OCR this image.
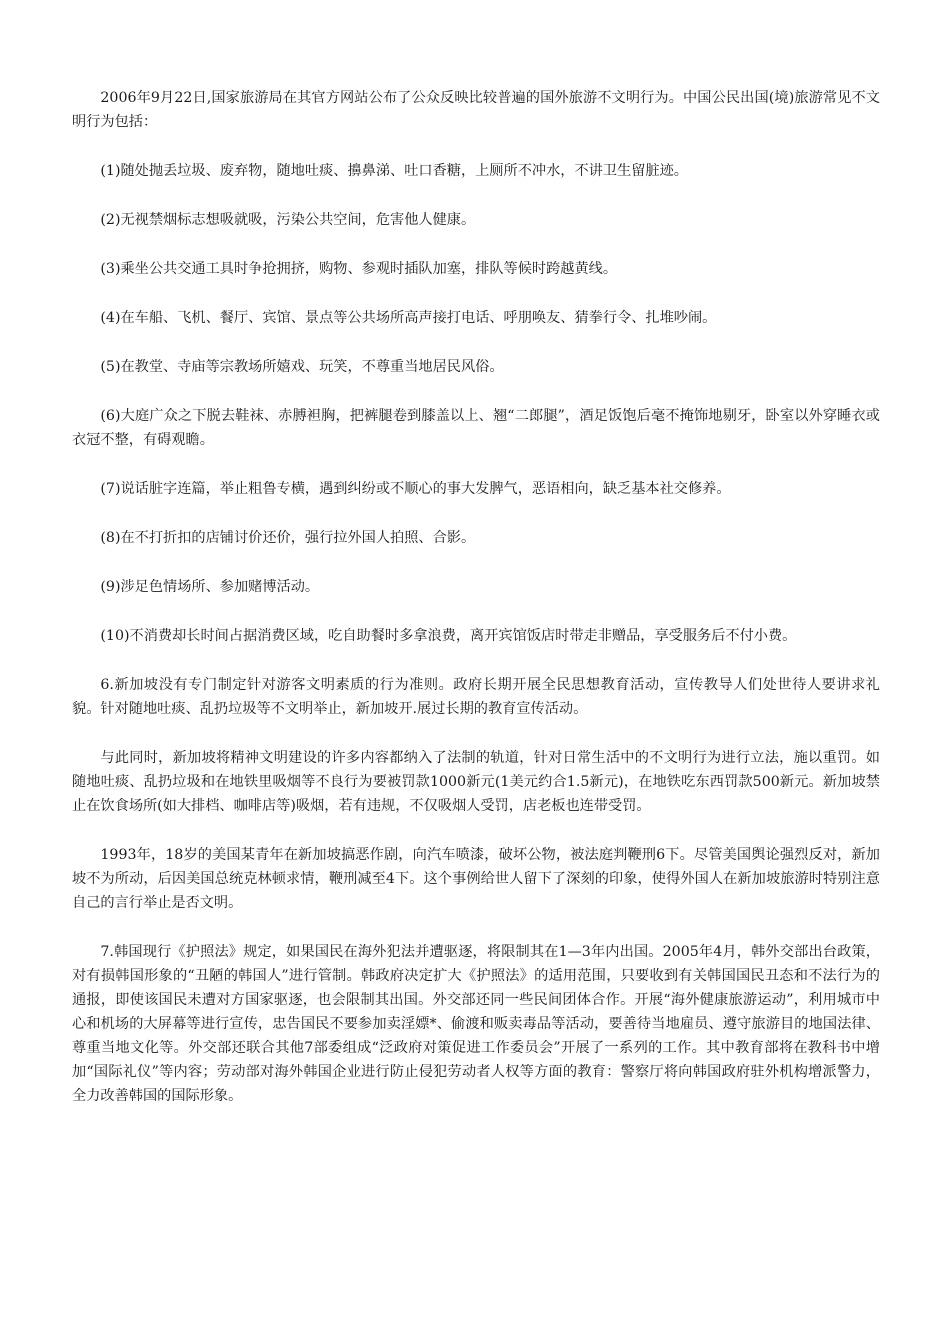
2006年9月22日,国家旅游局在其官方网站公布了公众反映比较普遍的国外旅游不文明行为。中国公民出国(境)旅游常见不文明行为包括：

(1)随处抛丢垃圾、废弃物，随地吐痰、擤鼻涕、吐口香糖，上厕所不冲水，不讲卫生留脏迹。

(2)无视禁烟标志想吸就吸，污染公共空间，危害他人健康。

(3)乘坐公共交通工具时争抢拥挤，购物、参观时插队加塞，排队等候时跨越黄线。

(4)在车船、飞机、餐厅、宾馆、景点等公共场所高声接打电话、呼朋唤友、猜拳行令、扎堆吵闹。

(5)在教堂、寺庙等宗教场所嬉戏、玩笑，不尊重当地居民风俗。

(6)大庭广众之下脱去鞋袜、赤膊袒胸，把裤腿卷到膝盖以上、翘“二郎腿”，酒足饭饱后毫不掩饰地剔牙，卧室以外穿睡衣或衣冠不整，有碍观瞻。

(7)说话脏字连篇，举止粗鲁专横，遇到纠纷或不顺心的事大发脾气，恶语相向，缺乏基本社交修养。

(8)在不打折扣的店铺讨价还价，强行拉外国人拍照、合影。

(9)涉足色情场所、参加赌博活动。

(10)不消费却长时间占据消费区域，吃自助餐时多拿浪费，离开宾馆饭店时带走非赠品，享受服务后不付小费。

6.新加坡没有专门制定针对游客文明素质的行为准则。政府长期开展全民思想教育活动，宣传教导人们处世待人要讲求礼貌。针对随地吐痰、乱扔垃圾等不文明举止，新加坡开.展过长期的教育宣传活动。

与此同时，新加坡将精神文明建设的许多内容都纳入了法制的轨道，针对日常生活中的不文明行为进行立法，施以重罚。如随地吐痰、乱扔垃圾和在地铁里吸烟等不良行为要被罚款1000新元(1美元约合1.5新元)，在地铁吃东西罚款500新元。新加坡禁止在饮食场所(如大排档、咖啡店等)吸烟，若有违规，不仅吸烟人受罚，店老板也连带受罚。

1993年，18岁的美国某青年在新加坡搞恶作剧，向汽车喷漆，破坏公物，被法庭判鞭刑6下。尽管美国舆论强烈反对，新加坡不为所动，后因美国总统克林顿求情，鞭刑减至4下。这个事例给世人留下了深刻的印象，使得外国人在新加坡旅游时特别注意自己的言行举止是否文明。

7.韩国现行《护照法》规定，如果国民在海外犯法并遭驱逐，将限制其在1—3年内出国。2005年4月，韩外交部出台政策，对有损韩国形象的“丑陋的韩国人”进行管制。韩政府决定扩大《护照法》的适用范围，只要收到有关韩国国民丑态和不法行为的通报，即使该国民未遭对方国家驱逐，也会限制其出国。外交部还同一些民间团体合作。开展“海外健康旅游运动”，利用城市中心和机场的大屏幕等进行宣传，忠告国民不要参加卖淫嫖*、偷渡和贩卖毒品等活动，要善待当地雇员、遵守旅游目的地国法律、尊重当地文化等。外交部还联合其他7部委组成“泛政府对策促进工作委员会”开展了一系列的工作。其中教育部将在教科书中增加“国际礼仪”等内容；劳动部对海外韩国企业进行防止侵犯劳动者人权等方面的教育：警察厅将向韩国政府驻外机构增派警力，全力改善韩国的国际形象。
